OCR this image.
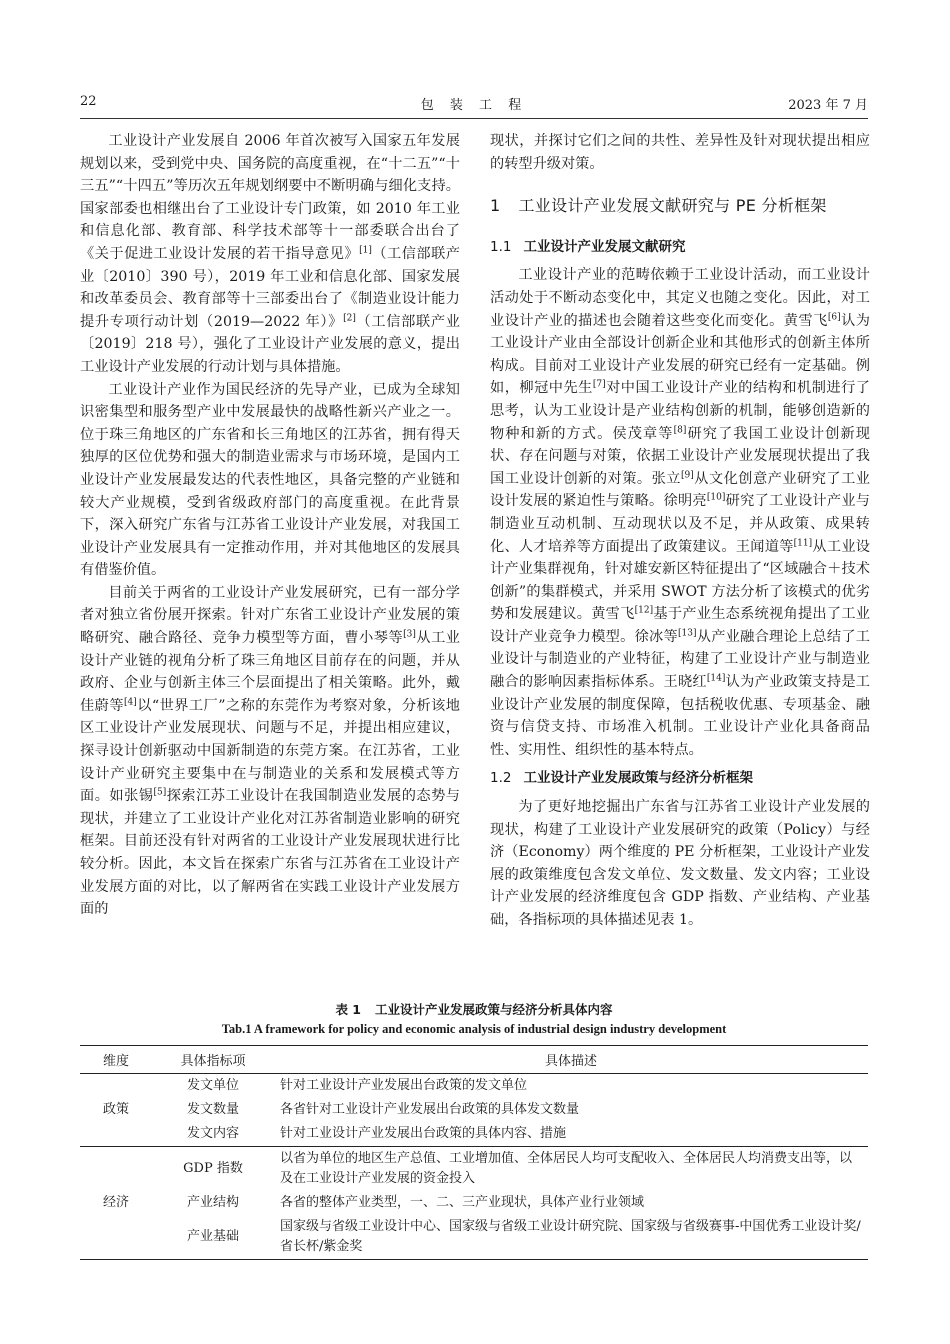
22	包 装 工 程	2023 年 7 月

工业设计产业发展自 2006 年首次被写入国家五年发展规划以来，受到党中央、国务院的高度重视，在“十二五”“十三五”“十四五”等历次五年规划纲要中不断明确与细化支持。国家部委也相继出台了工业设计专门政策，如 2010 年工业和信息化部、教育部、科学技术部等十一部委联合出台了《关于促进工业设计发展的若干指导意见》[1]（工信部联产业〔2010〕390 号），2019 年工业和信息化部、国家发展和改革委员会、教育部等十三部委出台了《制造业设计能力提升专项行动计划（2019—2022 年）》[2]（工信部联产业〔2019〕218 号），强化了工业设计产业发展的意义，提出工业设计产业发展的行动计划与具体措施。

工业设计产业作为国民经济的先导产业，已成为全球知识密集型和服务型产业中发展最快的战略性新兴产业之一。位于珠三角地区的广东省和长三角地区的江苏省，拥有得天独厚的区位优势和强大的制造业需求与市场环境，是国内工业设计产业发展最发达的代表性地区，具备完整的产业链和较大产业规模，受到省级政府部门的高度重视。在此背景下，深入研究广东省与江苏省工业设计产业发展，对我国工业设计产业发展具有一定推动作用，并对其他地区的发展具有借鉴价值。

目前关于两省的工业设计产业发展研究，已有一部分学者对独立省份展开探索。针对广东省工业设计产业发展的策略研究、融合路径、竞争力模型等方面，曹小琴等[3]从工业设计产业链的视角分析了珠三角地区目前存在的问题，并从政府、企业与创新主体三个层面提出了相关策略。此外，戴佳蔚等[4]以“世界工厂”之称的东莞作为考察对象，分析该地区工业设计产业发展现状、问题与不足，并提出相应建议，探寻设计创新驱动中国新制造的东莞方案。在江苏省，工业设计产业研究主要集中在与制造业的关系和发展模式等方面。如张锡[5]探索江苏工业设计在我国制造业发展的态势与现状，并建立了工业设计产业化对江苏省制造业影响的研究框架。目前还没有针对两省的工业设计产业发展现状进行比较分析。因此，本文旨在探索广东省与江苏省在工业设计产业发展方面的对比，以了解两省在实践工业设计产业发展方面的

现状，并探讨它们之间的共性、差异性及针对现状提出相应的转型升级对策。

1 工业设计产业发展文献研究与 PE 分析框架
1.1 工业设计产业发展文献研究

工业设计产业的范畴依赖于工业设计活动，而工业设计活动处于不断动态变化中，其定义也随之变化。因此，对工业设计产业的描述也会随着这些变化而变化。黄雪飞[6]认为工业设计产业由全部设计创新企业和其他形式的创新主体所构成。目前对工业设计产业发展的研究已经有一定基础。例如，柳冠中先生[7]对中国工业设计产业的结构和机制进行了思考，认为工业设计是产业结构创新的机制，能够创造新的物种和新的方式。侯茂章等[8]研究了我国工业设计创新现状、存在问题与对策，依据工业设计产业发展现状提出了我国工业设计创新的对策。张立[9]从文化创意产业研究了工业设计发展的紧迫性与策略。徐明亮[10]研究了工业设计产业与制造业互动机制、互动现状以及不足，并从政策、成果转化、人才培养等方面提出了政策建议。王闻道等[11]从工业设计产业集群视角，针对雄安新区特征提出了“区域融合＋技术创新”的集群模式，并采用 SWOT 方法分析了该模式的优劣势和发展建议。黄雪飞[12]基于产业生态系统视角提出了工业设计产业竞争力模型。徐冰等[13]从产业融合理论上总结了工业设计与制造业的产业特征，构建了工业设计产业与制造业融合的影响因素指标体系。王晓红[14]认为产业政策支持是工业设计产业发展的制度保障，包括税收优惠、专项基金、融资与信贷支持、市场准入机制。工业设计产业化具备商品性、实用性、组织性的基本特点。

1.2 工业设计产业发展政策与经济分析框架

为了更好地挖掘出广东省与江苏省工业设计产业发展的现状，构建了工业设计产业发展研究的政策（Policy）与经济（Economy）两个维度的 PE 分析框架，工业设计产业发展的政策维度包含发文单位、发文数量、发文内容；工业设计产业发展的经济维度包含 GDP 指数、产业结构、产业基础，各指标项的具体描述见表 1。

表 1 工业设计产业发展政策与经济分析具体内容
Tab.1 A framework for policy and economic analysis of industrial design industry development
维度	具体指标项	具体描述
政策	发文单位	针对工业设计产业发展出台政策的发文单位
	发文数量	各省针对工业设计产业发展出台政策的具体发文数量
	发文内容	针对工业设计产业发展出台政策的具体内容、措施
经济	GDP 指数	以省为单位的地区生产总值、工业增加值、全体居民人均可支配收入、全体居民人均消费支出等，以及在工业设计产业发展的资金投入
	产业结构	各省的整体产业类型，一、二、三产业现状，具体产业行业领域
	产业基础	国家级与省级工业设计中心、国家级与省级工业设计研究院、国家级与省级赛事-中国优秀工业设计奖/省长杯/紫金奖
